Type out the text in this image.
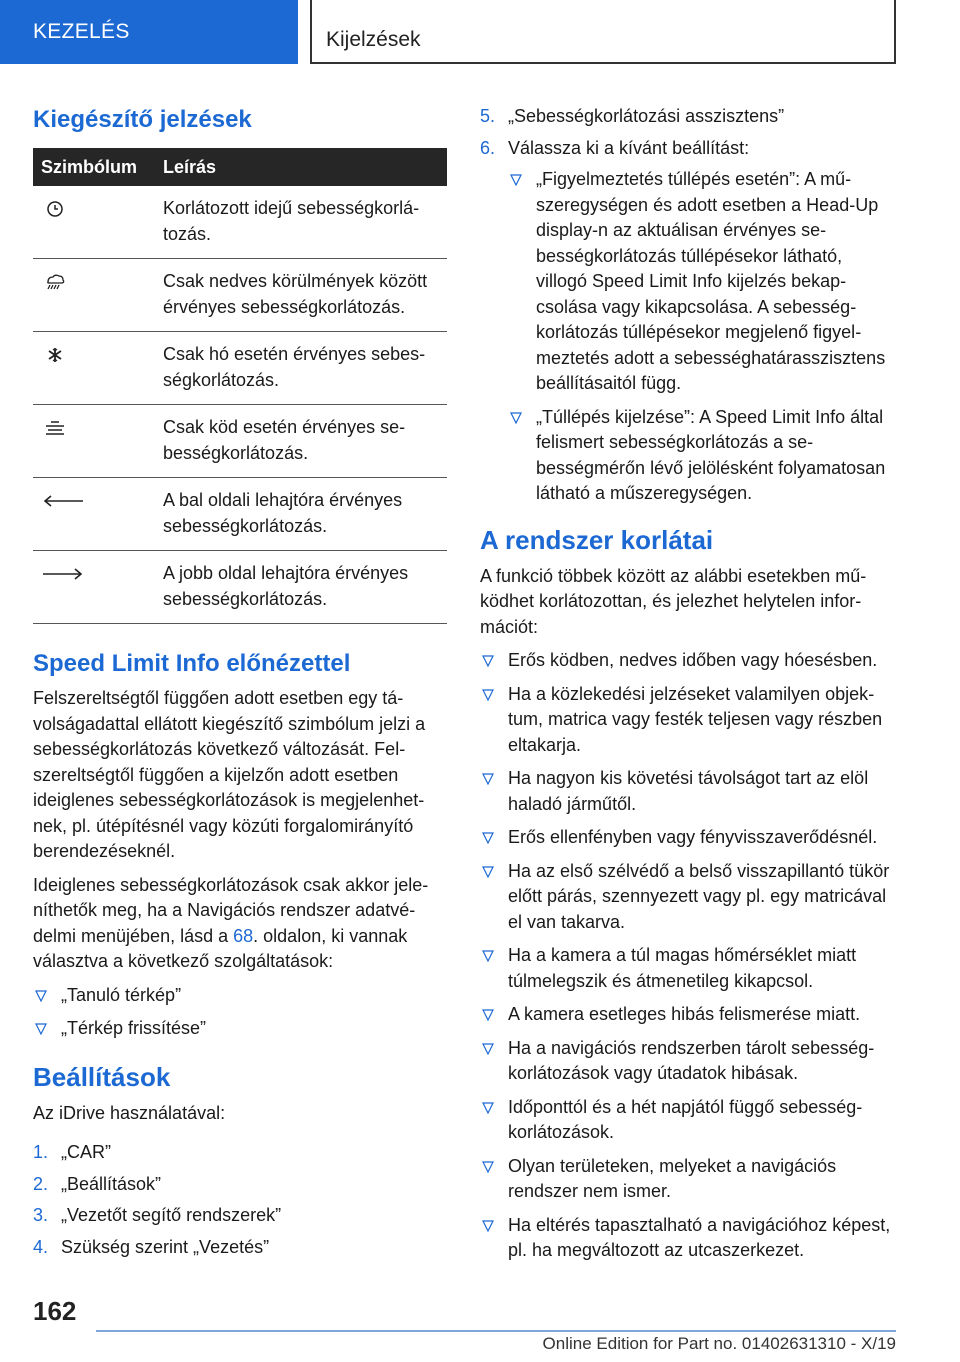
KEZELÉS	Kijelzések
Kiegészítő jelzések
Szimbólum	Leírás

	Korlátozott idejű sebességkorlátozás.

	Csak nedves körülmények között érvényes sebességkorlátozás.

	Csak hó esetén érvényes sebességkorlátozás.

	Csak köd esetén érvényes sebességkorlátozás.

	A bal oldali lehajtóra érvényes sebességkorlátozás.

	A jobb oldal lehajtóra érvényes sebességkorlátozás.
Speed Limit Info előnézettel

Felszereltségtől függően adott esetben egy távolságadattal ellátott kiegészítő szimbólum jelzi a sebességkorlátozás következő változását. Felszereltségtől függően a kijelzőn adott esetben ideiglenes sebességkorlátozások is megjelenhetnek, pl. útépítésnél vagy közúti forgalomirányító berendezéseknél.

Ideiglenes sebességkorlátozások csak akkor jeleníthetők meg, ha a Navigációs rendszer adatvédelmi menüjében, lásd a 68. oldalon, ki vannak választva a következő szolgáltatások:

„Tanuló térkép”
„Térkép frissítése”
Beállítások

Az iDrive használatával:

1. „CAR”
2. „Beállítások”
3. „Vezetőt segítő rendszerek”
4. Szükség szerint „Vezetés”
5. „Sebességkorlátozási asszisztens”
6. Válassza ki a kívánt beállítást:
„Figyelmeztetés túllépés esetén”: A műszeregységen és adott esetben a Head-Up display-n az aktuálisan érvényes sebességkorlátozás túllépésekor látható, villogó Speed Limit Info kijelzés bekapcsolása vagy kikapcsolása. A sebességkorlátozás túllépésekor megjelenő figyelmeztetés adott a sebességhatárasszisztens beállításaitól függ.
„Túllépés kijelzése”: A Speed Limit Info által felismert sebességkorlátozás a sebességmérőn lévő jelölésként folyamatosan látható a műszeregységen.
A rendszer korlátai

A funkció többek között az alábbi esetekben működhet korlátozottan, és jelezhet helytelen információt:

Erős ködben, nedves időben vagy hóesésben.
Ha a közlekedési jelzéseket valamilyen objektum, matrica vagy festék teljesen vagy részben eltakarja.
Ha nagyon kis követési távolságot tart az elöl haladó járműtől.
Erős ellenfényben vagy fényvisszaverődésnél.
Ha az első szélvédő a belső visszapillantó tükör előtt párás, szennyezett vagy pl. egy matricával el van takarva.
Ha a kamera a túl magas hőmérséklet miatt túlmelegszik és átmenetileg kikapcsol.
A kamera esetleges hibás felismerése miatt.
Ha a navigációs rendszerben tárolt sebességkorlátozások vagy útadatok hibásak.
Időponttól és a hét napjától függő sebességkorlátozások.
Olyan területeken, melyeket a navigációs rendszer nem ismer.
Ha eltérés tapasztalható a navigációhoz képest, pl. ha megváltozott az utcaszerkezet.
162
Online Edition for Part no. 01402631310 - X/19
